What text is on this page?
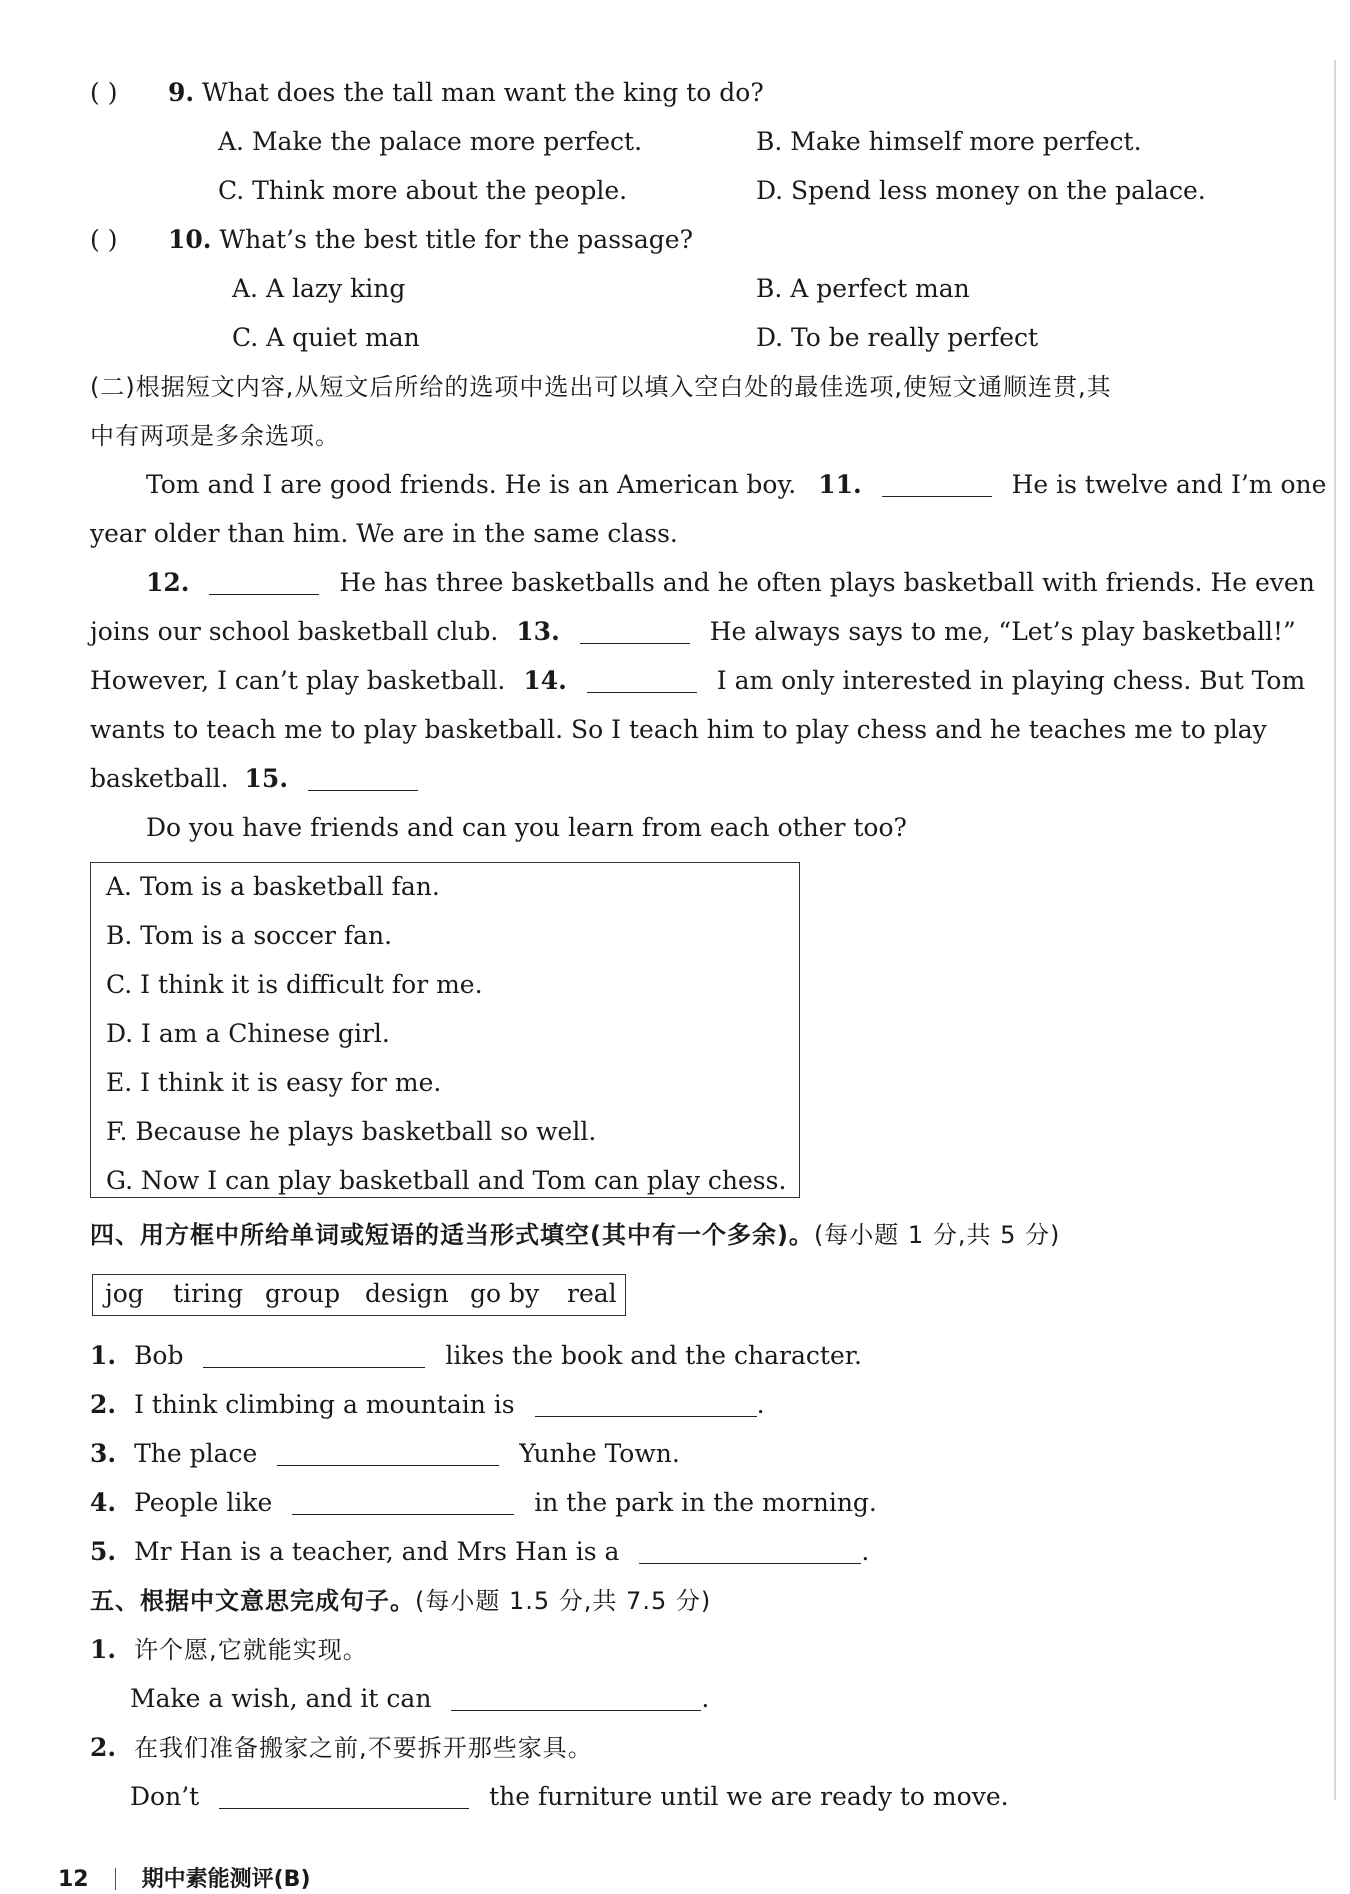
( ) 9. What does the tall man want the king to do?
A. Make the palace more perfect.	B. Make himself more perfect.
C. Think more about the people.	D. Spend less money on the palace.
( ) 10. What’s the best title for the passage?
A. A lazy king	B. A perfect man
C. A quiet man	D. To be really perfect
(二)根据短文内容,从短文后所给的选项中选出可以填入空白处的最佳选项,使短文通顺连贯,其
中有两项是多余选项。
Tom and I are good friends. He is an American boy. 11.	He is twelve and I’m one
year older than him. We are in the same class.
12.	He has three basketballs and he often plays basketball with friends. He even
joins our school basketball club. 13.	He always says to me, “Let’s play basketball!”
However, I can’t play basketball. 14.	I am only interested in playing chess. But Tom
wants to teach me to play basketball. So I teach him to play chess and he teaches me to play
basketball. 15.
Do you have friends and can you learn from each other too?
A. Tom is a basketball fan.
B. Tom is a soccer fan.
C. I think it is difficult for me.
D. I am a Chinese girl.
E. I think it is easy for me.
F. Because he plays basketball so well.
G. Now I can play basketball and Tom can play chess.
四、用方框中所给单词或短语的适当形式填空(其中有一个多余)。(每小题 1 分,共 5 分)
jog tiring group design go by real
1. Bob	likes the book and the character.
2. I think climbing a mountain is	.
3. The place	Yunhe Town.
4. People like	in the park in the morning.
5. Mr Han is a teacher, and Mrs Han is a	.
五、根据中文意思完成句子。(每小题 1.5 分,共 7.5 分)
1. 许个愿,它就能实现。
Make a wish, and it can	.
2. 在我们准备搬家之前,不要拆开那些家具。
Don’t	the furniture until we are ready to move.
12 期中素能测评(B)
